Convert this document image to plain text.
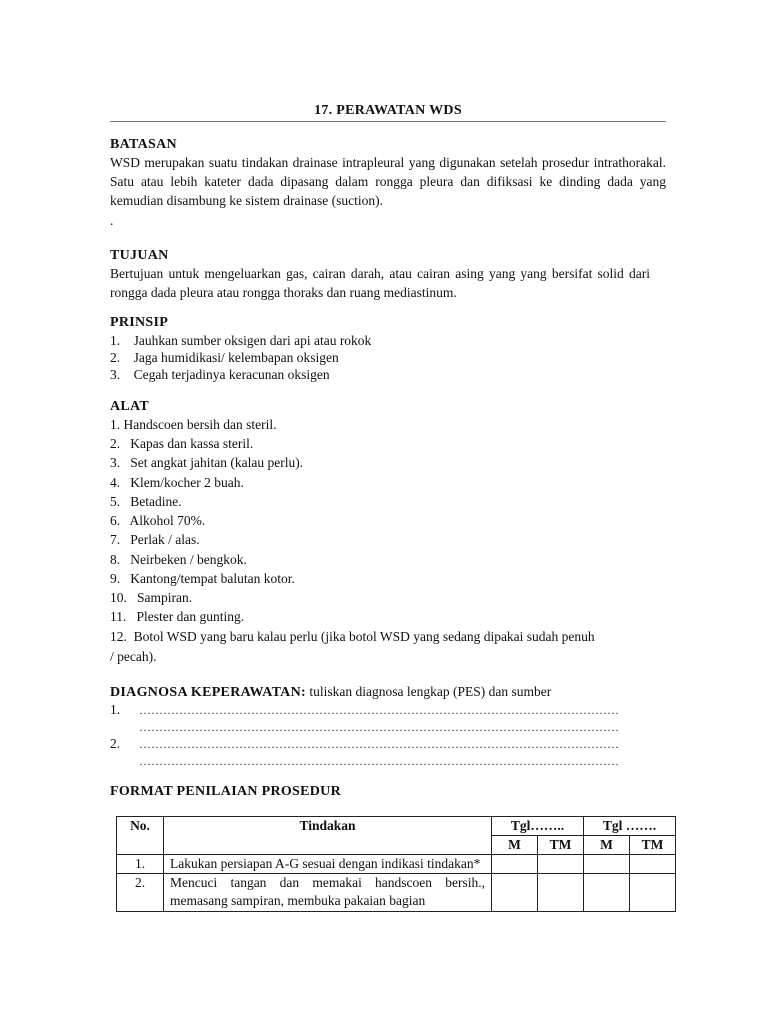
17. PERAWATAN WDS
BATASAN
WSD merupakan suatu tindakan drainase intrapleural yang digunakan setelah prosedur intrathorakal. Satu atau lebih kateter dada dipasang dalam rongga pleura dan difiksasi ke dinding dada yang kemudian disambung ke sistem drainase (suction).
.
TUJUAN
Bertujuan untuk mengeluarkan gas, cairan darah, atau cairan asing yang yang bersifat solid dari rongga dada pleura atau rongga thoraks dan ruang mediastinum.
PRINSIP
1.    Jauhkan sumber oksigen dari api atau rokok
2.    Jaga humidikasi/ kelembapan oksigen
3.    Cegah terjadinya keracunan oksigen
ALAT
1. Handscoen bersih dan steril.
2.   Kapas dan kassa steril.
3.   Set angkat jahitan (kalau perlu).
4.   Klem/kocher 2 buah.
5.   Betadine.
6.   Alkohol 70%.
7.   Perlak / alas.
8.   Neirbeken / bengkok.
9.   Kantong/tempat balutan kotor.
10.   Sampiran.
11.   Plester dan gunting.
12.  Botol WSD yang baru kalau perlu (jika botol WSD yang sedang dipakai sudah penuh
/ pecah).
DIAGNOSA KEPERAWATAN: tuliskan diagnosa lengkap (PES) dan sumber
1. …………………………………………………………………………………………………………
…………………………………………………………………………………………………………
2. …………………………………………………………………………………………………………
…………………………………………………………………………………………………………
FORMAT PENILAIAN PROSEDUR
No.	Tindakan	Tgl……..		Tgl …….	
		M	TM	M	TM
1.	Lakukan persiapan A-G sesuai dengan indikasi tindakan*				
2.	Mencuci tangan dan memakai handscoen bersih., memasang sampiran, membuka pakaian bagian				
